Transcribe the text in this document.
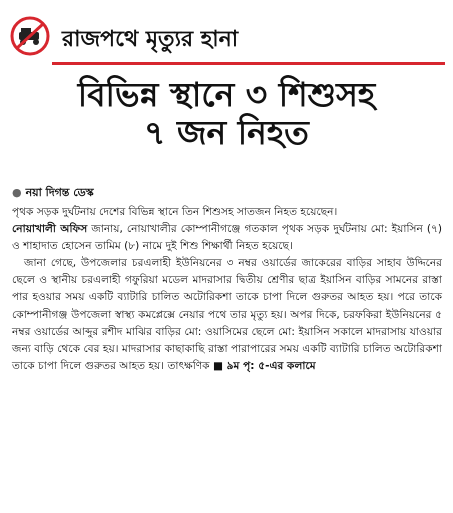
রাজপথে মৃত্যুর হানা
বিভিন্ন স্থানে ৩ শিশুসহ
৭ জন নিহত
● নয়া দিগন্ত ডেস্ক

পৃথক সড়ক দুর্ঘটনায় দেশের বিভিন্ন স্থানে তিন শিশুসহ সাতজন নিহত হয়েছেন।

নোয়াখালী অফিস জানায়, নোয়াখালীর কোম্পানীগঞ্জে গতকাল পৃথক সড়ক দুর্ঘটনায় মো: ইয়াসিন (৭) ও শাহাদাত হোসেন তামিম (৮) নামে দুই শিশু শিক্ষার্থী নিহত হয়েছে।

জানা গেছে, উপজেলার চরএলাহী ইউনিয়নের ৩ নম্বর ওয়ার্ডের জাকেরের বাড়ির সাহাব উদ্দিনের ছেলে ও স্থানীয় চরএলাহী গফুরিয়া মডেল মাদরাসার দ্বিতীয় শ্রেণীর ছাত্র ইয়াসিন বাড়ির সামনের রাস্তা পার হওয়ার সময় একটি ব্যাটারি চালিত অটোরিকশা তাকে চাপা দিলে গুরুতর আহত হয়। পরে তাকে কোম্পানীগঞ্জ উপজেলা স্বাস্থ্য কমপ্লেক্সে নেয়ার পথে তার মৃত্যু হয়। অপর দিকে, চরফকিরা ইউনিয়নের ৫ নম্বর ওয়ার্ডের আব্দুর রশীদ মাঝির বাড়ির মো: ওয়াসিমের ছেলে মো: ইয়াসিন সকালে মাদরাসায় যাওয়ার জন্য বাড়ি থেকে বের হয়। মাদরাসার কাছাকাছি রাস্তা পারাপারের সময় একটি ব্যাটারি চালিত অটোরিকশা তাকে চাপা দিলে গুরুতর আহত হয়। তাৎক্ষণিক ■ ৯ম পৃ: ৫-এর কলামে
